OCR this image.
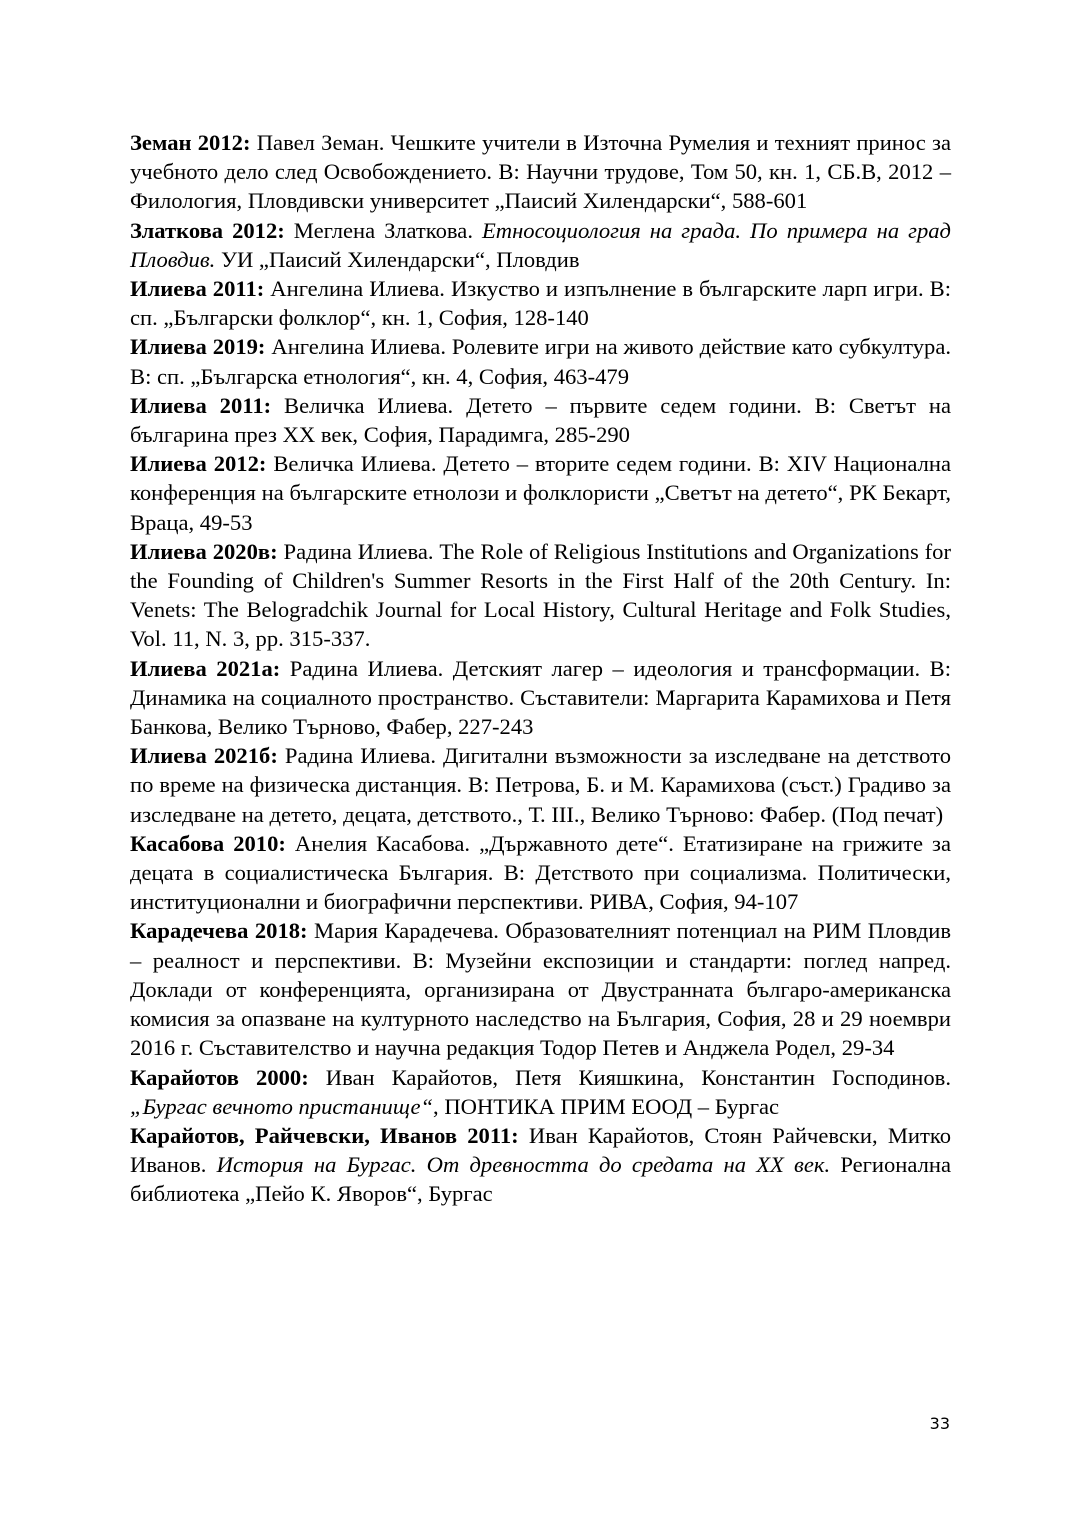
Земан 2012: Павел Земан. Чешките учители в Източна Румелия и техният принос за учебното дело след Освобождението. В: Научни трудове, Том 50, кн. 1, СБ.В, 2012 – Филология, Пловдивски университет „Паисий Хилендарски“, 588-601

Златкова 2012: Меглена Златкова. Етносоциология на града. По примера на град Пловдив. УИ „Паисий Хилендарски“, Пловдив

Илиева 2011: Ангелина Илиева. Изкуство и изпълнение в българските ларп игри. В: сп. „Български фолклор“, кн. 1, София, 128-140

Илиева 2019: Ангелина Илиева. Ролевите игри на живото действие като субкултура. В: сп. „Българска етнология“, кн. 4, София, 463-479

Илиева 2011: Величка Илиева. Детето – първите седем години. В: Светът на българина през ХХ век, София, Парадимга, 285-290

Илиева 2012: Величка Илиева. Детето – вторите седем години. В: XIV Национална конференция на българските етнолози и фолклористи „Светът на детето“, РК Бекарт, Враца, 49-53

Илиева 2020в: Радина Илиева. The Role of Religious Institutions and Organizations for the Founding of Children's Summer Resorts in the First Half of the 20th Century. In: Venets: The Belogradchik Journal for Local History, Cultural Heritage and Folk Studies, Vol. 11, N. 3, pp. 315-337.

Илиева 2021а: Радина Илиева. Детският лагер – идеология и трансформации. В: Динамика на социалното пространство. Съставители: Маргарита Карамихова и Петя Банкова, Велико Търново, Фабер, 227-243

Илиева 2021б: Радина Илиева. Дигитални възможности за изследване на детството по време на физическа дистанция. В: Петрова, Б. и М. Карамихова (съст.) Градиво за изследване на детето, децата, детството., Т. III., Велико Търново: Фабер. (Под печат)

Касабова 2010: Анелия Касабова. „Държавното дете“. Етатизиране на грижите за децата в социалистическа България. В: Детството при социализма. Политически, институционални и биографични перспективи. РИВА, София, 94-107

Карадечева 2018: Мария Карадечева. Образователният потенциал на РИМ Пловдив – реалност и перспективи. В: Музейни експозиции и стандарти: поглед напред. Доклади от конференцията, организирана от Двустранната българо-американска комисия за опазване на културното наследство на България, София, 28 и 29 ноември 2016 г. Съставителство и научна редакция Тодор Петев и Анджела Родел, 29-34

Карайотов 2000: Иван Карайотов, Петя Кияшкина, Константин Господинов. „Бургас вечното пристанище“, ПОНТИКА ПРИМ ЕООД – Бургас

Карайотов, Райчевски, Иванов 2011: Иван Карайотов, Стоян Райчевски, Митко Иванов. История на Бургас. От древността до средата на ХХ век. Регионална библиотека „Пейо К. Яворов“, Бургас

33
